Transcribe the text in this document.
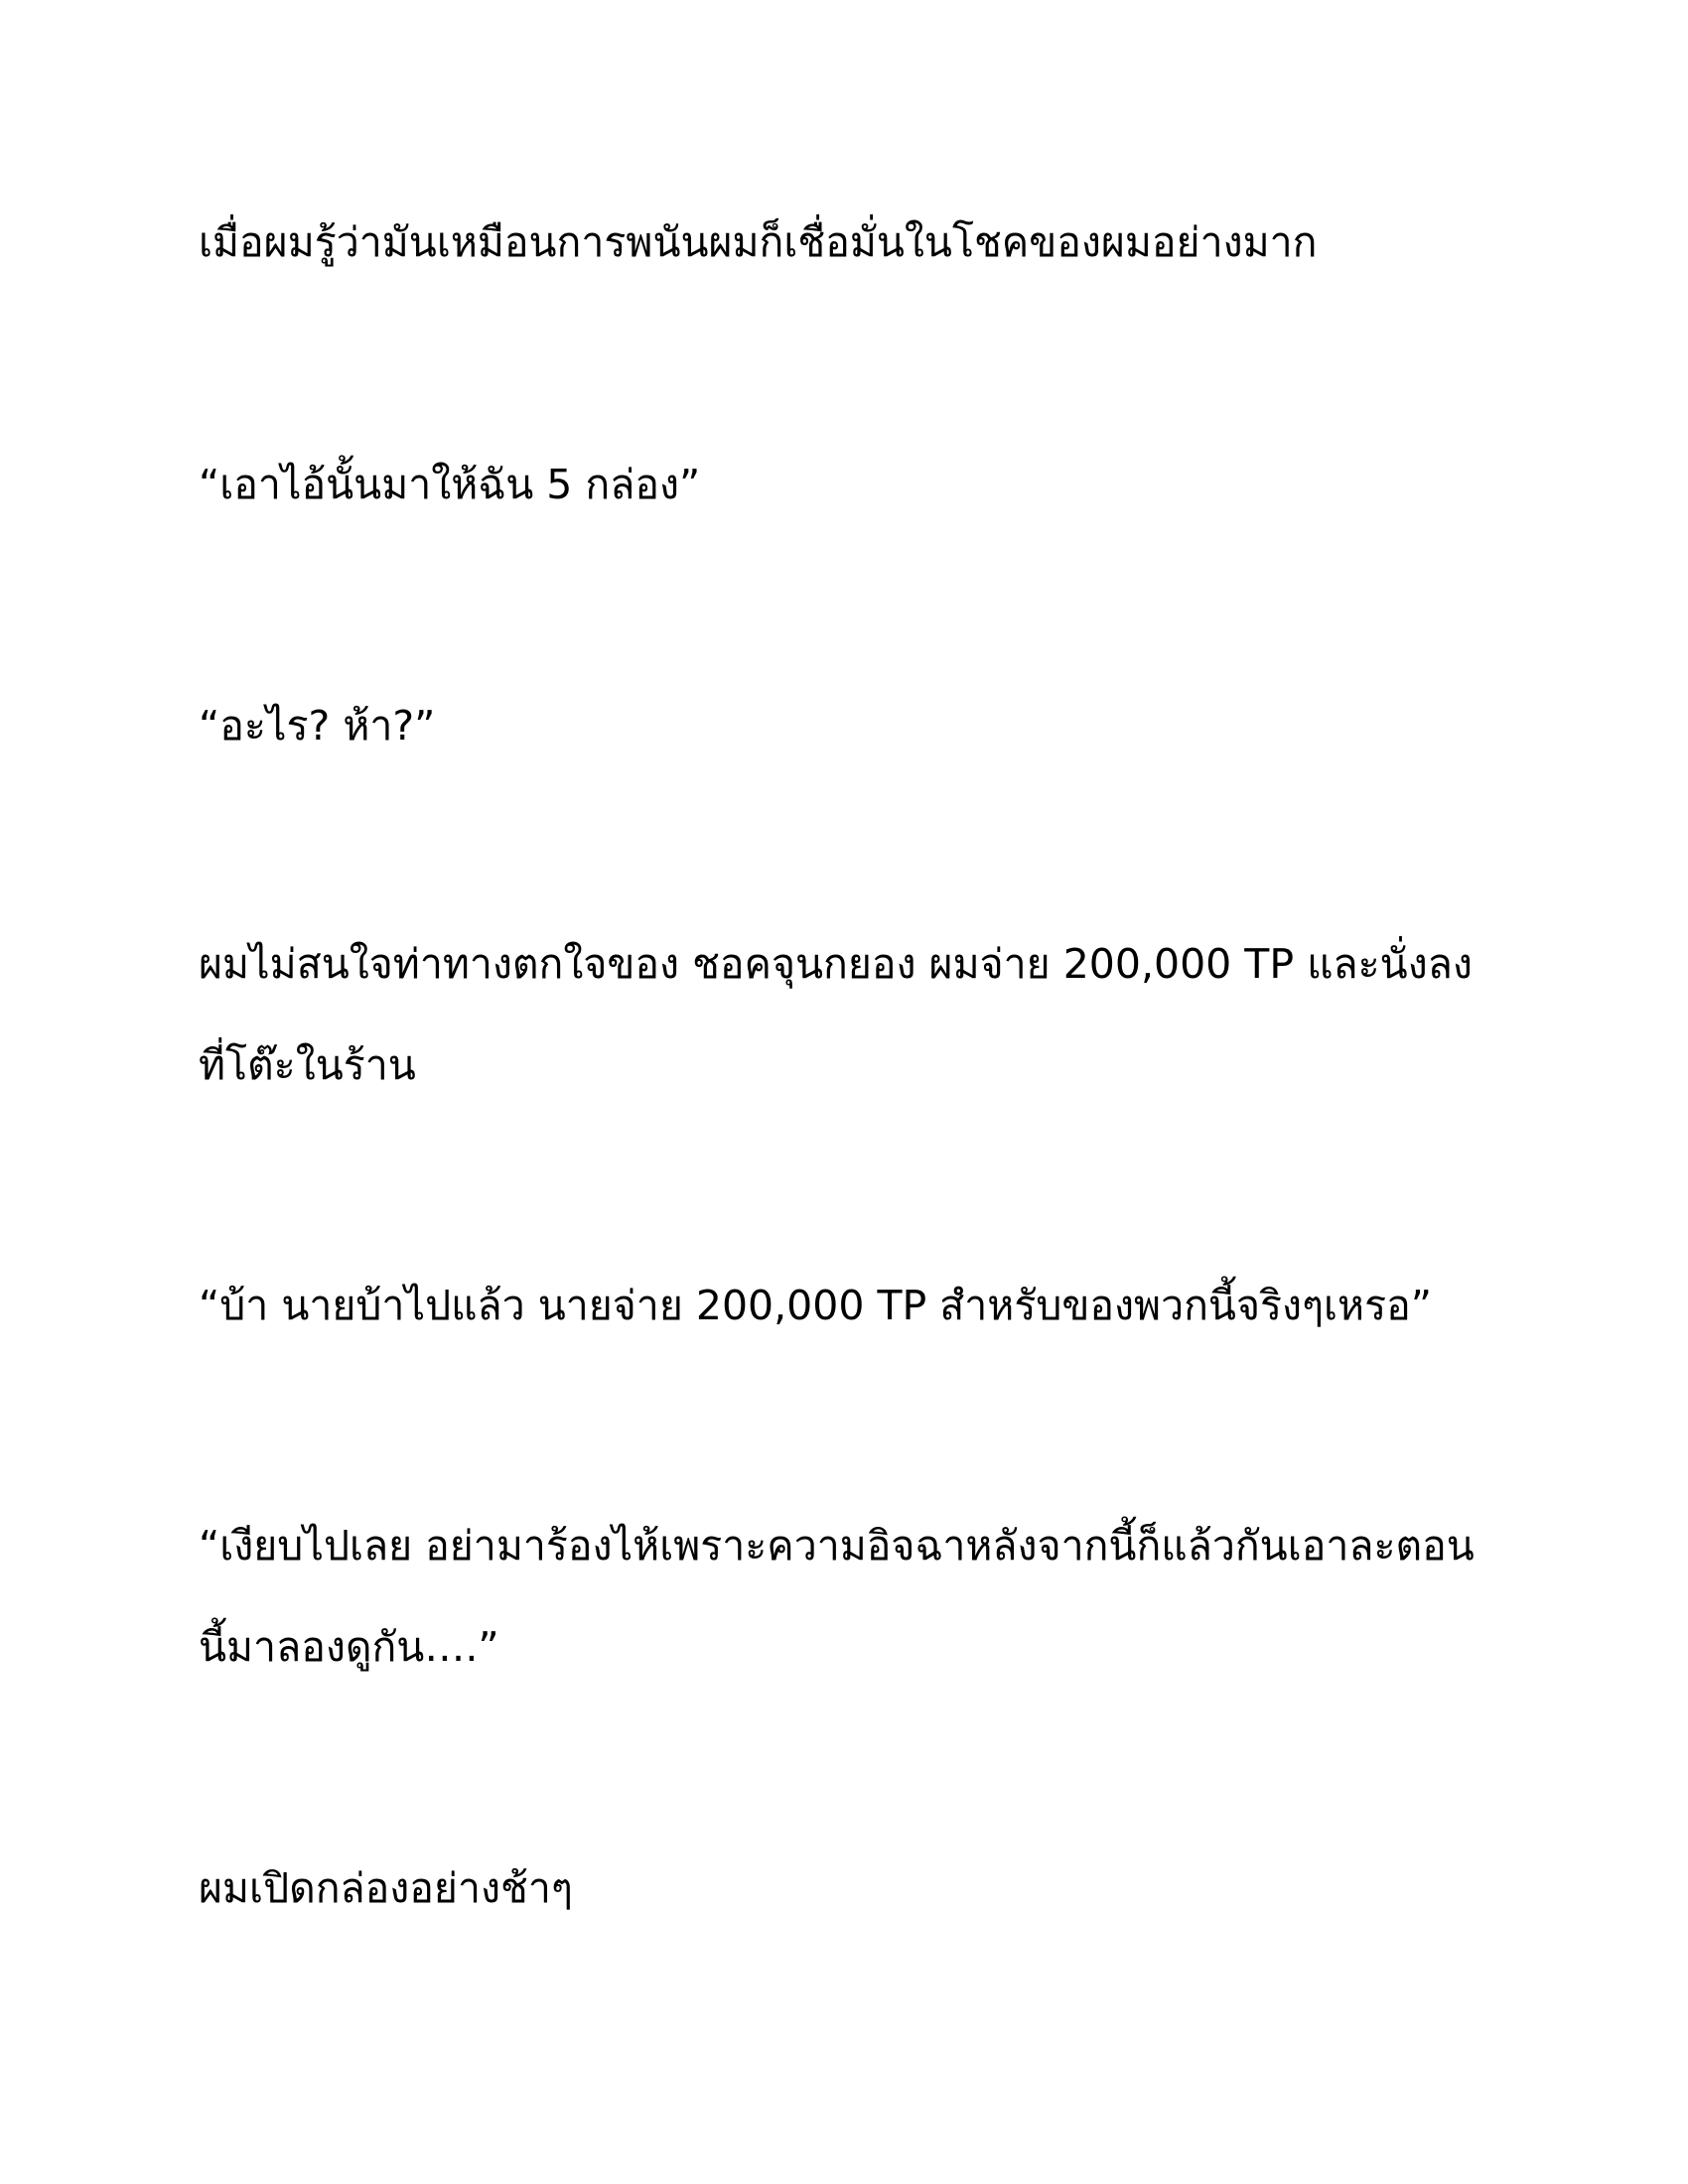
เมื่อผมรู้ว่ามันเหมือนการพนันผมก็เชื่อมั่นในโชคของผมอย่างมาก

“เอาไอ้นั้นมาให้ฉัน 5 กล่อง”

“อะไร? ห้า?”

ผมไม่สนใจท่าทางตกใจของ ชอคจุนกยอง ผมจ่าย 200,000 TP และนั่งลงที่โต๊ะในร้าน

“บ้า นายบ้าไปแล้ว นายจ่าย 200,000 TP สำหรับของพวกนี้จริงๆเหรอ”

“เงียบไปเลย อย่ามาร้องไห้เพราะความอิจฉาหลังจากนี้ก็แล้วกันเอาละตอนนี้มาลองดูกัน….”

ผมเปิดกล่องอย่างช้าๆ
